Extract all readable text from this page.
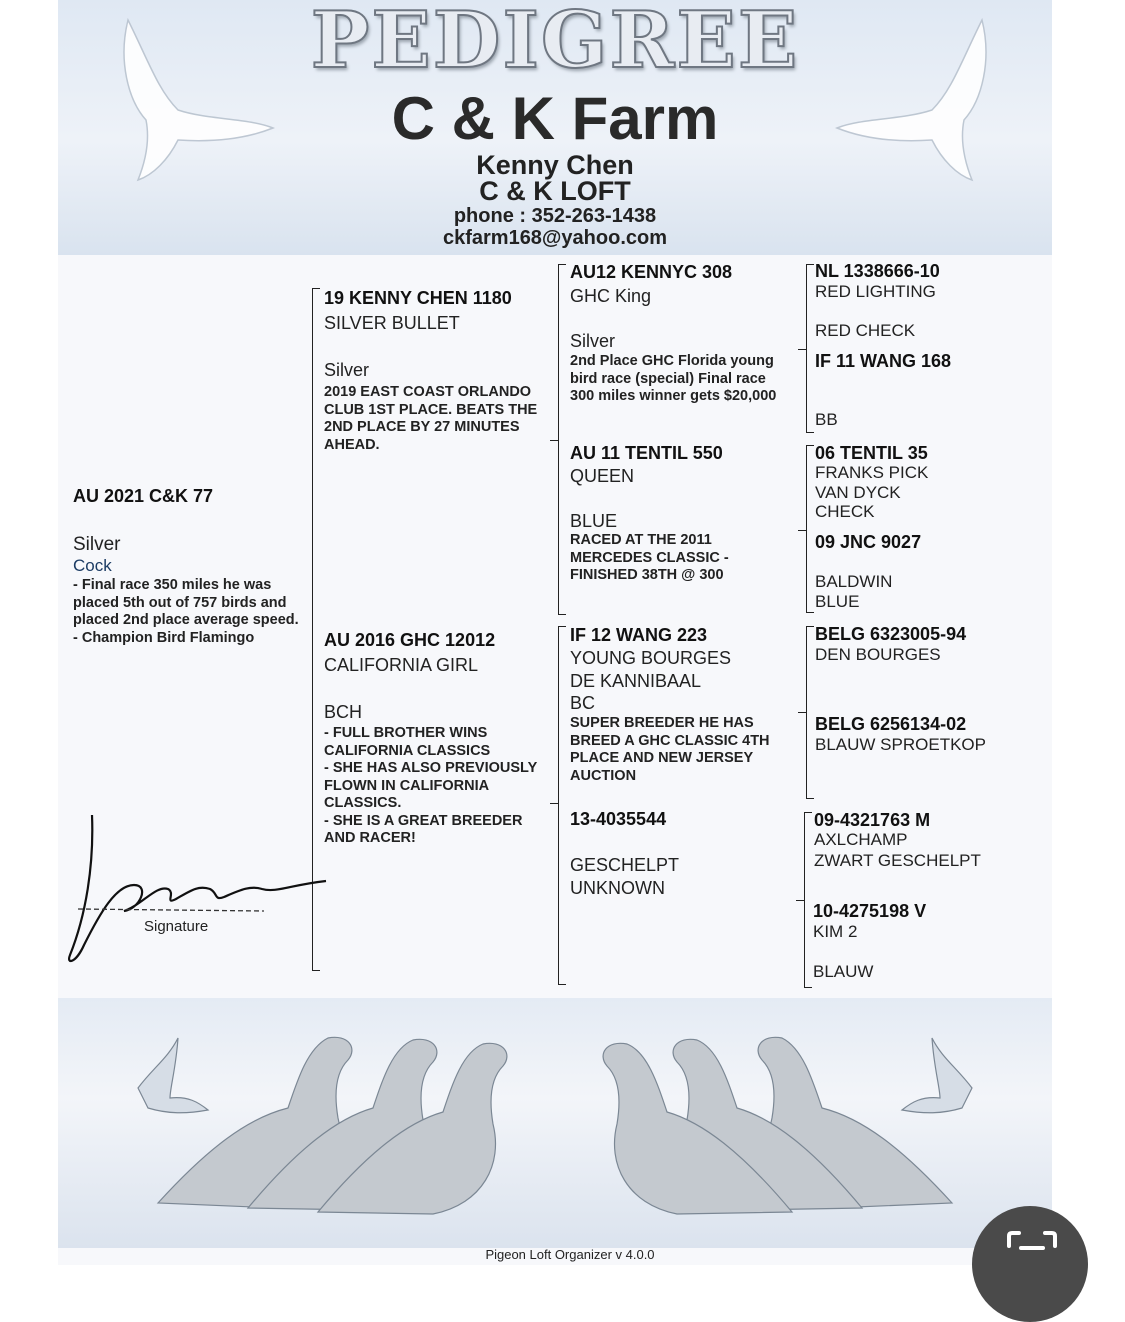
PEDIGREE
C & K Farm
Kenny Chen
C & K LOFT
phone : 352-263-1438
ckfarm168@yahoo.com
AU 2021 C&K 77
Silver
Cock
- Final race 350 miles he was placed 5th out of 757 birds and placed 2nd place average speed.
- Champion Bird Flamingo
19 KENNY CHEN 1180
SILVER BULLET
Silver
2019 EAST COAST ORLANDO CLUB 1ST PLACE. BEATS THE 2ND PLACE BY 27 MINUTES AHEAD.
AU 2016 GHC 12012
CALIFORNIA GIRL
BCH
- FULL BROTHER WINS CALIFORNIA CLASSICS
- SHE HAS ALSO PREVIOUSLY FLOWN IN CALIFORNIA CLASSICS.
- SHE IS A GREAT BREEDER AND RACER!
AU12 KENNYC 308
GHC King
Silver
2nd Place GHC Florida young bird race (special) Final race 300 miles winner gets $20,000
AU 11 TENTIL 550
QUEEN
BLUE
RACED AT THE 2011 MERCEDES CLASSIC - FINISHED 38TH @ 300
IF 12 WANG 223
YOUNG BOURGES
DE KANNIBAAL
BC
SUPER BREEDER HE HAS BREED A GHC CLASSIC 4TH PLACE AND NEW JERSEY AUCTION
13-4035544
GESCHELPT
UNKNOWN
NL 1338666-10
RED LIGHTING
RED CHECK
IF 11 WANG 168
BB
06 TENTIL 35
FRANKS PICK
VAN DYCK
CHECK
09 JNC 9027
BALDWIN
BLUE
BELG 6323005-94
DEN BOURGES
BELG 6256134-02
BLAUW SPROETKOP
09-4321763 M
AXLCHAMP
ZWART GESCHELPT
10-4275198 V
KIM 2
BLAUW
Signature
Pigeon Loft Organizer v 4.0.0
